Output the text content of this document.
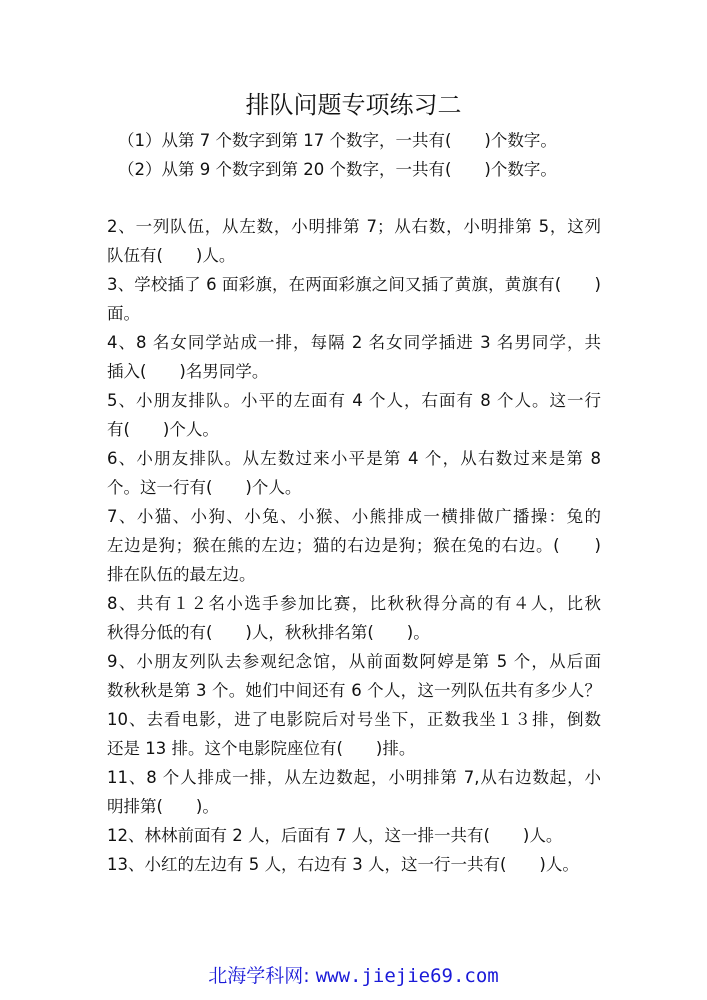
排队问题专项练习二
（1）从第 7 个数字到第 17 个数字，一共有(　　)个数字。
（2）从第 9 个数字到第 20 个数字，一共有(　　)个数字。
2、一列队伍，从左数，小明排第 7；从右数，小明排第 5，这列
队伍有(　　)人。
3、学校插了 6 面彩旗，在两面彩旗之间又插了黄旗，黄旗有(　　)
面。
4、8 名女同学站成一排，每隔 2 名女同学插进 3 名男同学，共
插入(　　)名男同学。
5、小朋友排队。小平的左面有 4 个人，右面有 8 个人。这一行
有(　　)个人。
6、小朋友排队。从左数过来小平是第 4 个，从右数过来是第 8
个。这一行有(　　)个人。
7、小猫、小狗、小兔、小猴、小熊排成一横排做广播操：兔的
左边是狗；猴在熊的左边；猫的右边是狗；猴在兔的右边。(　　)
排在队伍的最左边。
8、共有１２名小选手参加比赛，比秋秋得分高的有４人，比秋
秋得分低的有(　　)人，秋秋排名第(　　)。
9、小朋友列队去参观纪念馆，从前面数阿婷是第 5 个，从后面
数秋秋是第 3 个。她们中间还有 6 个人，这一列队伍共有多少人？
10、去看电影，进了电影院后对号坐下，正数我坐１３排，倒数
还是 13 排。这个电影院座位有(　　)排。
11、8 个人排成一排，从左边数起，小明排第 7,从右边数起，小
明排第(　　)。
12、林林前面有 2 人，后面有 7 人，这一排一共有(　　)人。
13、小红的左边有 5 人，右边有 3 人，这一行一共有(　　)人。
北海学科网: www.jiejie69.com
